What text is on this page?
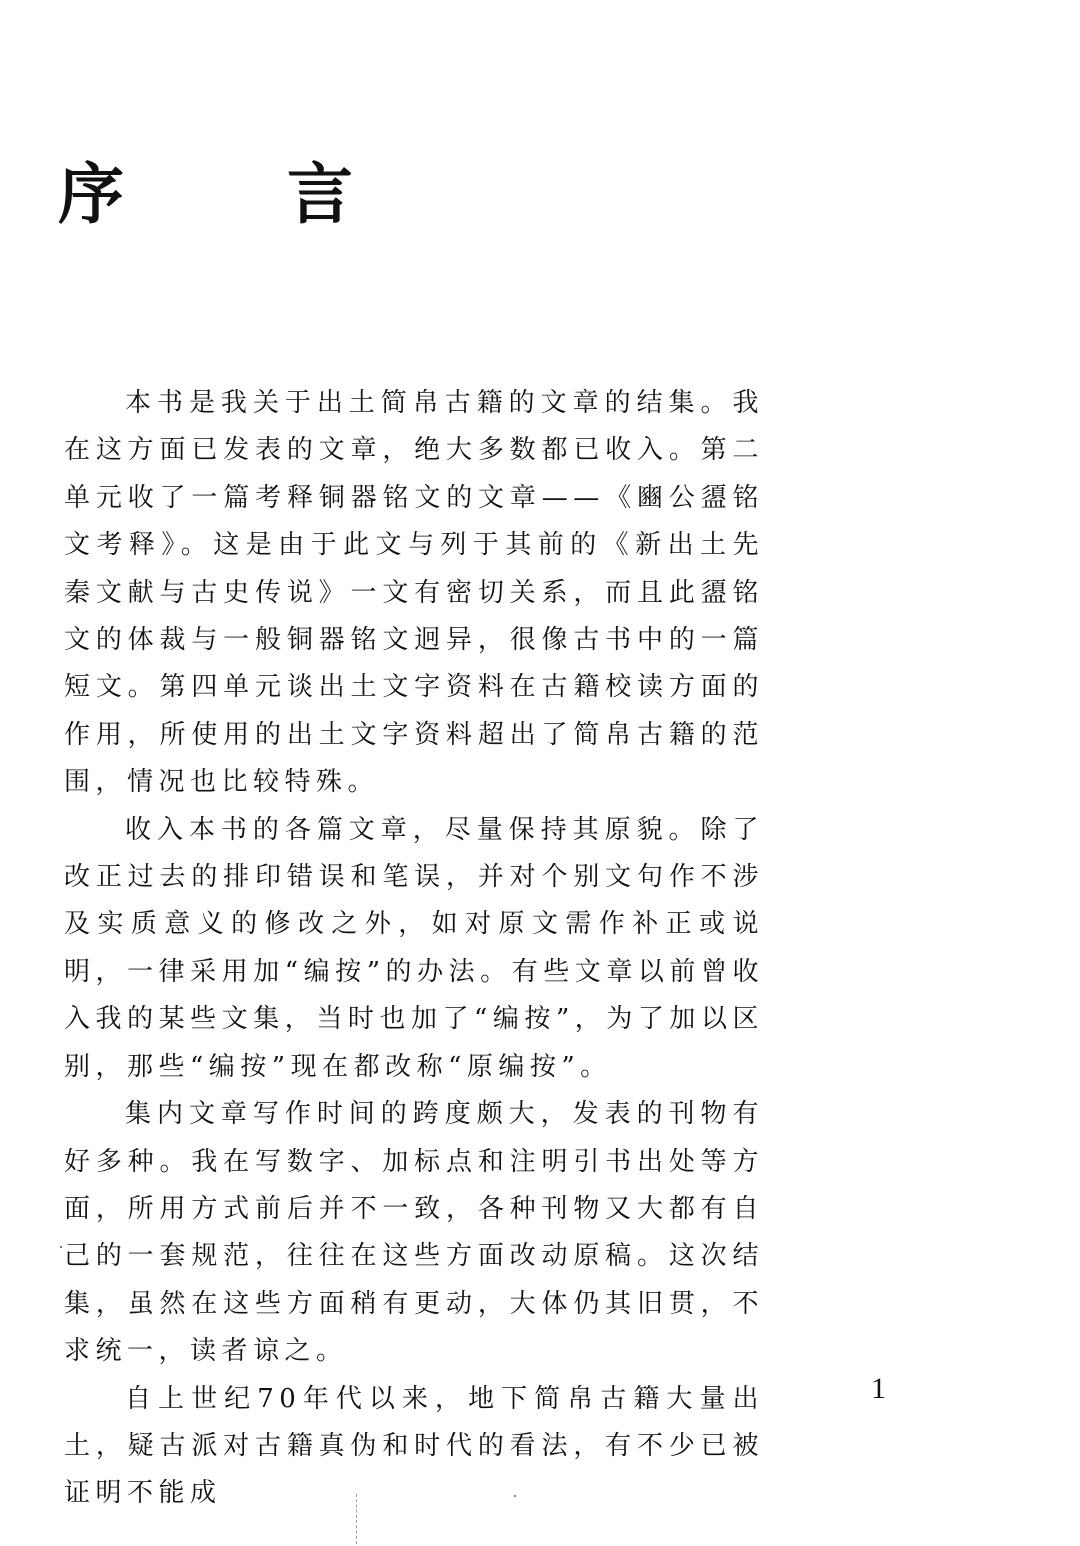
序 言

本书是我关于出土简帛古籍的文章的结集。我在这方面已发表的文章，绝大多数都已收入。第二单元收了一篇考释铜器铭文的文章——《豳公盨铭文考释》。这是由于此文与列于其前的《新出土先秦文献与古史传说》一文有密切关系，而且此盨铭文的体裁与一般铜器铭文迥异，很像古书中的一篇短文。第四单元谈出土文字资料在古籍校读方面的作用，所使用的出土文字资料超出了简帛古籍的范围，情况也比较特殊。

收入本书的各篇文章，尽量保持其原貌。除了改正过去的排印错误和笔误，并对个别文句作不涉及实质意义的修改之外，如对原文需作补正或说明，一律采用加“编按”的办法。有些文章以前曾收入我的某些文集，当时也加了“编按”，为了加以区别，那些“编按”现在都改称“原编按”。

集内文章写作时间的跨度颇大，发表的刊物有好多种。我在写数字、加标点和注明引书出处等方面，所用方式前后并不一致，各种刊物又大都有自己的一套规范，往往在这些方面改动原稿。这次结集，虽然在这些方面稍有更动，大体仍其旧贯，不求统一，读者谅之。

自上世纪70年代以来，地下简帛古籍大量出土，疑古派对古籍真伪和时代的看法，有不少已被证明不能成

1
